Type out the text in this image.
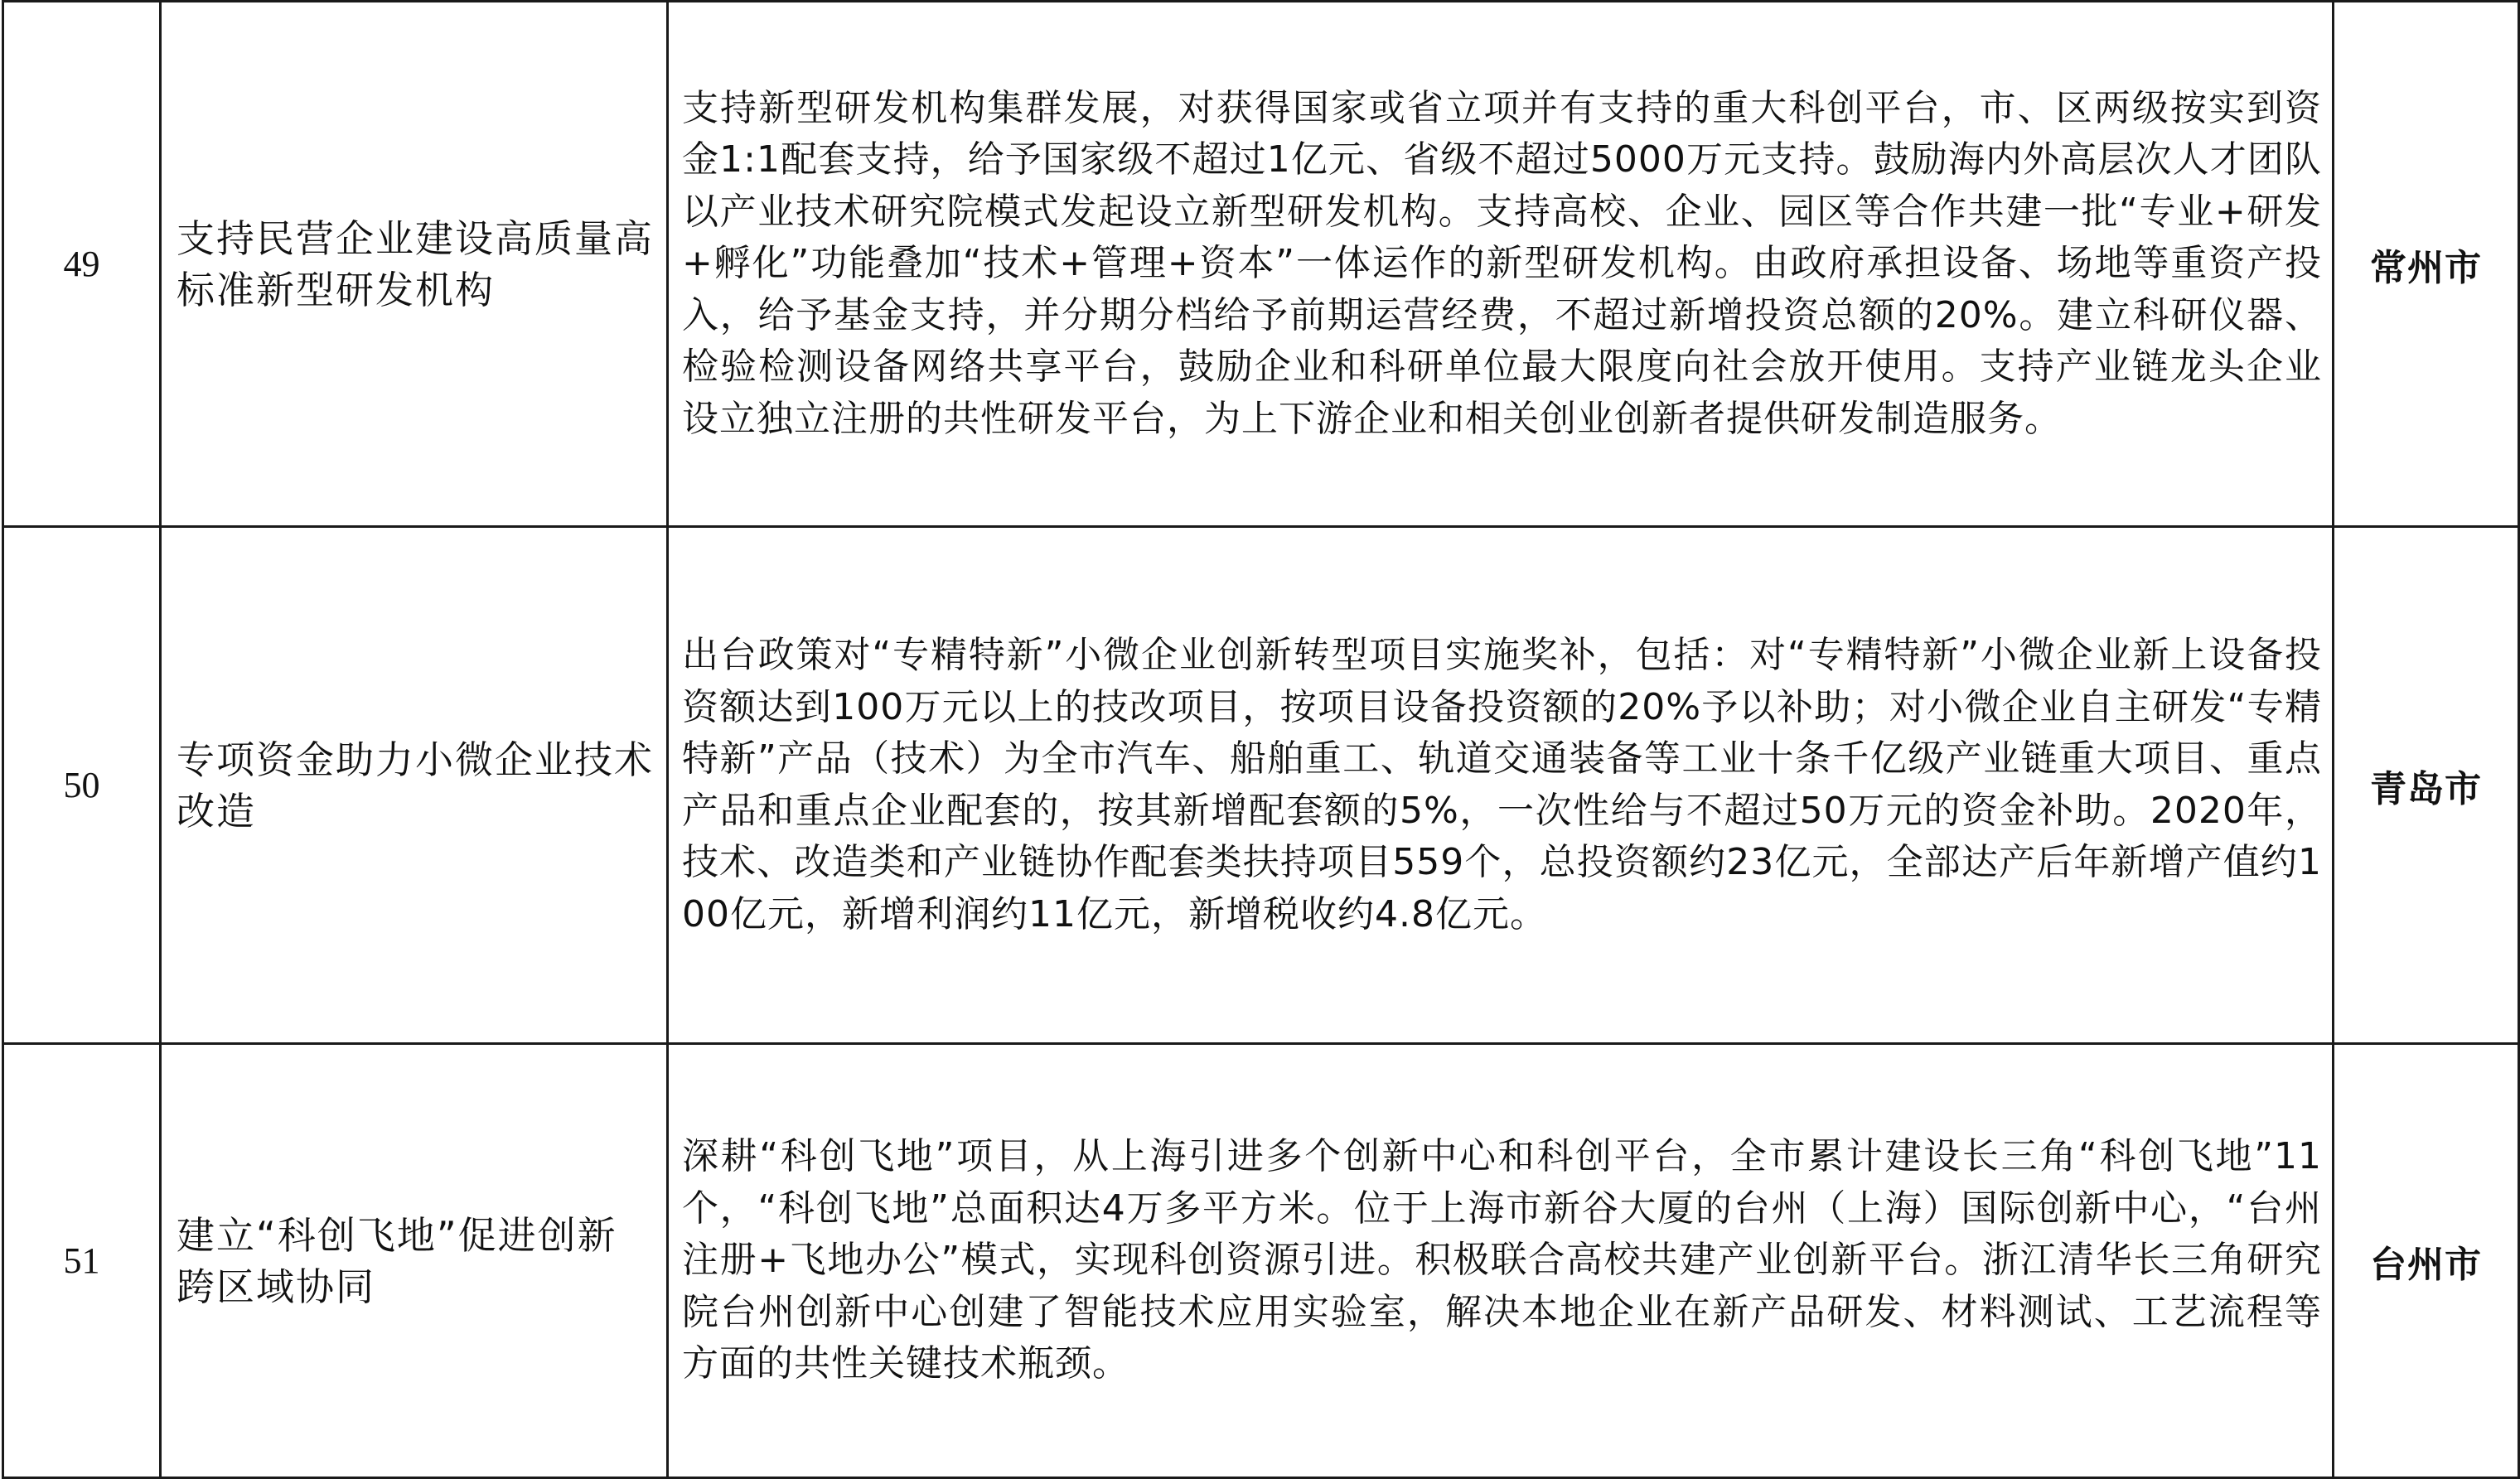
49	支持民营企业建设高质量高标准新型研发机构	支持新型研发机构集群发展，对获得国家或省立项并有支持的重大科创平台，市、区两级按实到资金1:1配套支持，给予国家级不超过1亿元、省级不超过5000万元支持。鼓励海内外高层次人才团队以产业技术研究院模式发起设立新型研发机构。支持高校、企业、园区等合作共建一批“专业+研发+孵化”功能叠加“技术+管理+资本”一体运作的新型研发机构。由政府承担设备、场地等重资产投入，给予基金支持，并分期分档给予前期运营经费，不超过新增投资总额的20%。建立科研仪器、检验检测设备网络共享平台，鼓励企业和科研单位最大限度向社会放开使用。支持产业链龙头企业设立独立注册的共性研发平台，为上下游企业和相关创业创新者提供研发制造服务。	常州市
50	专项资金助力小微企业技术改造	出台政策对“专精特新”小微企业创新转型项目实施奖补，包括：对“专精特新”小微企业新上设备投资额达到100万元以上的技改项目，按项目设备投资额的20%予以补助；对小微企业自主研发“专精特新”产品（技术）为全市汽车、船舶重工、轨道交通装备等工业十条千亿级产业链重大项目、重点产品和重点企业配套的，按其新增配套额的5%，一次性给与不超过50万元的资金补助。2020年，技术、改造类和产业链协作配套类扶持项目559个，总投资额约23亿元，全部达产后年新增产值约100亿元，新增利润约11亿元，新增税收约4.8亿元。	青岛市
51	建立“科创飞地”促进创新跨区域协同	深耕“科创飞地”项目，从上海引进多个创新中心和科创平台，全市累计建设长三角“科创飞地”11个，“科创飞地”总面积达4万多平方米。位于上海市新谷大厦的台州（上海）国际创新中心，“台州注册+飞地办公”模式，实现科创资源引进。积极联合高校共建产业创新平台。浙江清华长三角研究院台州创新中心创建了智能技术应用实验室，解决本地企业在新产品研发、材料测试、工艺流程等方面的共性关键技术瓶颈。	台州市
